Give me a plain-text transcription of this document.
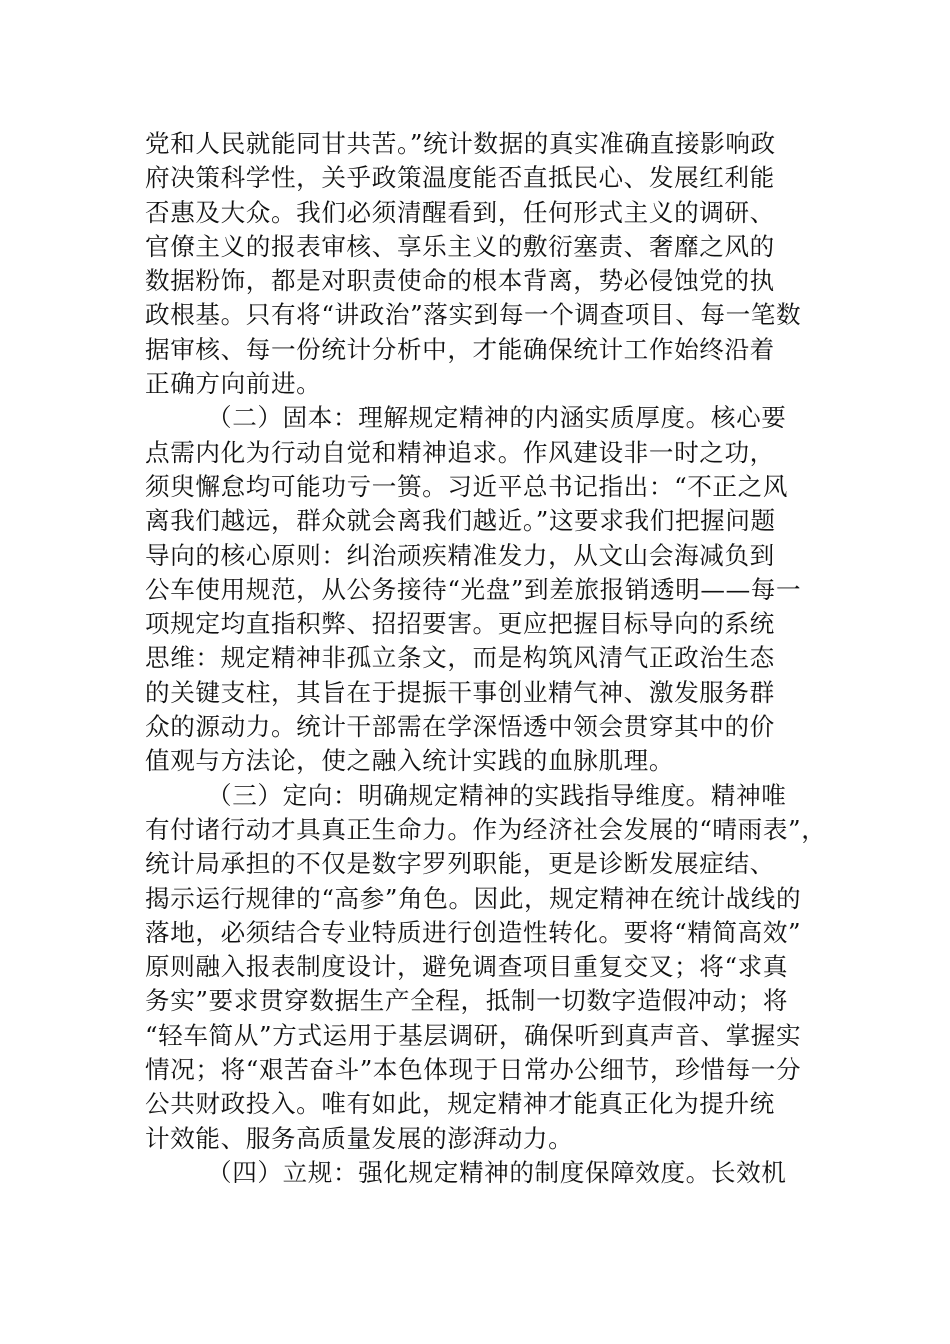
党和人民就能同甘共苦。”统计数据的真实准确直接影响政
府决策科学性，关乎政策温度能否直抵民心、发展红利能
否惠及大众。我们必须清醒看到，任何形式主义的调研、
官僚主义的报表审核、享乐主义的敷衍塞责、奢靡之风的
数据粉饰，都是对职责使命的根本背离，势必侵蚀党的执
政根基。只有将“讲政治”落实到每一个调查项目、每一笔数
据审核、每一份统计分析中，才能确保统计工作始终沿着
正确方向前进。
（二）固本：理解规定精神的内涵实质厚度。核心要
点需内化为行动自觉和精神追求。作风建设非一时之功，
须臾懈怠均可能功亏一篑。习近平总书记指出：“不正之风
离我们越远，群众就会离我们越近。”这要求我们把握问题
导向的核心原则：纠治顽疾精准发力，从文山会海减负到
公车使用规范，从公务接待“光盘”到差旅报销透明——每一
项规定均直指积弊、招招要害。更应把握目标导向的系统
思维：规定精神非孤立条文，而是构筑风清气正政治生态
的关键支柱，其旨在于提振干事创业精气神、激发服务群
众的源动力。统计干部需在学深悟透中领会贯穿其中的价
值观与方法论，使之融入统计实践的血脉肌理。
（三）定向：明确规定精神的实践指导维度。精神唯
有付诸行动才具真正生命力。作为经济社会发展的“晴雨表”，
统计局承担的不仅是数字罗列职能，更是诊断发展症结、
揭示运行规律的“高参”角色。因此，规定精神在统计战线的
落地，必须结合专业特质进行创造性转化。要将“精简高效”
原则融入报表制度设计，避免调查项目重复交叉；将“求真
务实”要求贯穿数据生产全程，抵制一切数字造假冲动；将
“轻车简从”方式运用于基层调研，确保听到真声音、掌握实
情况；将“艰苦奋斗”本色体现于日常办公细节，珍惜每一分
公共财政投入。唯有如此，规定精神才能真正化为提升统
计效能、服务高质量发展的澎湃动力。
（四）立规：强化规定精神的制度保障效度。长效机
